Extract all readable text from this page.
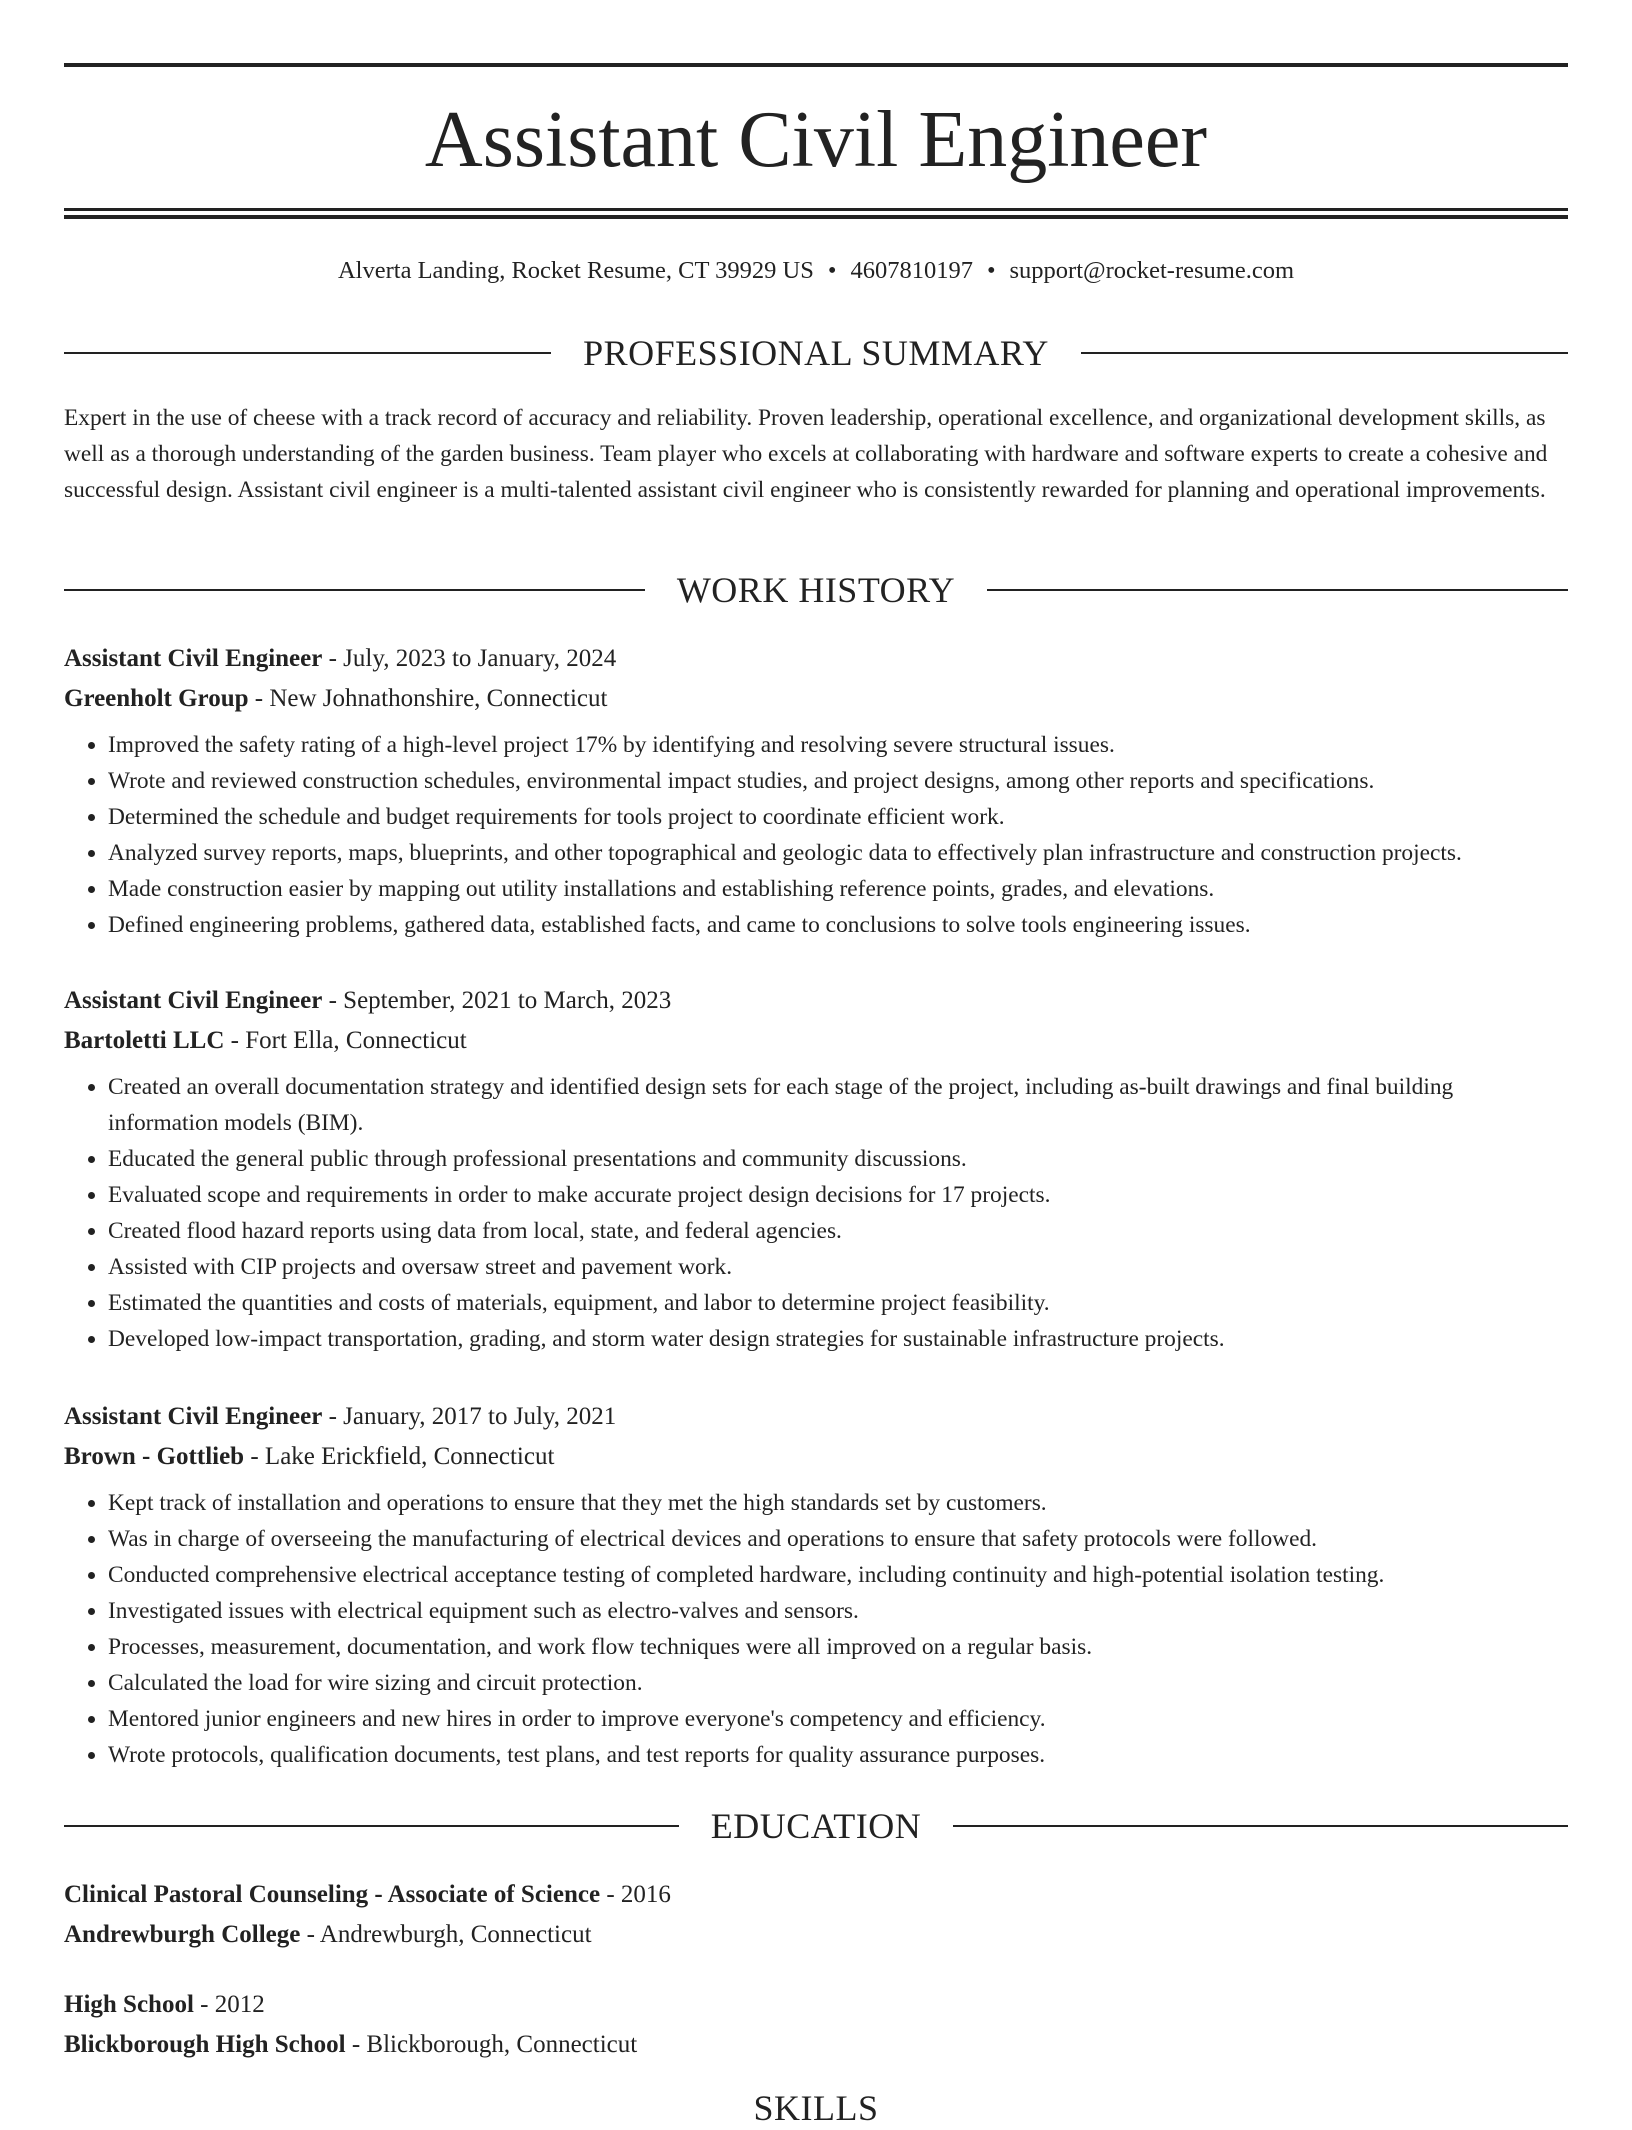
Assistant Civil Engineer
Alverta Landing, Rocket Resume, CT 39929 US • 4607810197 • support@rocket-resume.com
PROFESSIONAL SUMMARY

Expert in the use of cheese with a track record of accuracy and reliability. Proven leadership, operational excellence, and organizational development skills, as well as a thorough understanding of the garden business. Team player who excels at collaborating with hardware and software experts to create a cohesive and successful design. Assistant civil engineer is a multi-talented assistant civil engineer who is consistently rewarded for planning and operational improvements.

WORK HISTORY
Assistant Civil Engineer - July, 2023 to January, 2024
Greenholt Group - New Johnathonshire, Connecticut
• Improved the safety rating of a high-level project 17% by identifying and resolving severe structural issues.
• Wrote and reviewed construction schedules, environmental impact studies, and project designs, among other reports and specifications.
• Determined the schedule and budget requirements for tools project to coordinate efficient work.
• Analyzed survey reports, maps, blueprints, and other topographical and geologic data to effectively plan infrastructure and construction projects.
• Made construction easier by mapping out utility installations and establishing reference points, grades, and elevations.
• Defined engineering problems, gathered data, established facts, and came to conclusions to solve tools engineering issues.
Assistant Civil Engineer - September, 2021 to March, 2023
Bartoletti LLC - Fort Ella, Connecticut
• Created an overall documentation strategy and identified design sets for each stage of the project, including as-built drawings and final building information models (BIM).
• Educated the general public through professional presentations and community discussions.
• Evaluated scope and requirements in order to make accurate project design decisions for 17 projects.
• Created flood hazard reports using data from local, state, and federal agencies.
• Assisted with CIP projects and oversaw street and pavement work.
• Estimated the quantities and costs of materials, equipment, and labor to determine project feasibility.
• Developed low-impact transportation, grading, and storm water design strategies for sustainable infrastructure projects.
Assistant Civil Engineer - January, 2017 to July, 2021
Brown - Gottlieb - Lake Erickfield, Connecticut
• Kept track of installation and operations to ensure that they met the high standards set by customers.
• Was in charge of overseeing the manufacturing of electrical devices and operations to ensure that safety protocols were followed.
• Conducted comprehensive electrical acceptance testing of completed hardware, including continuity and high-potential isolation testing.
• Investigated issues with electrical equipment such as electro-valves and sensors.
• Processes, measurement, documentation, and work flow techniques were all improved on a regular basis.
• Calculated the load for wire sizing and circuit protection.
• Mentored junior engineers and new hires in order to improve everyone's competency and efficiency.
• Wrote protocols, qualification documents, test plans, and test reports for quality assurance purposes.
EDUCATION
Clinical Pastoral Counseling - Associate of Science - 2016
Andrewburgh College - Andrewburgh, Connecticut
High School - 2012
Blickborough High School - Blickborough, Connecticut
SKILLS
